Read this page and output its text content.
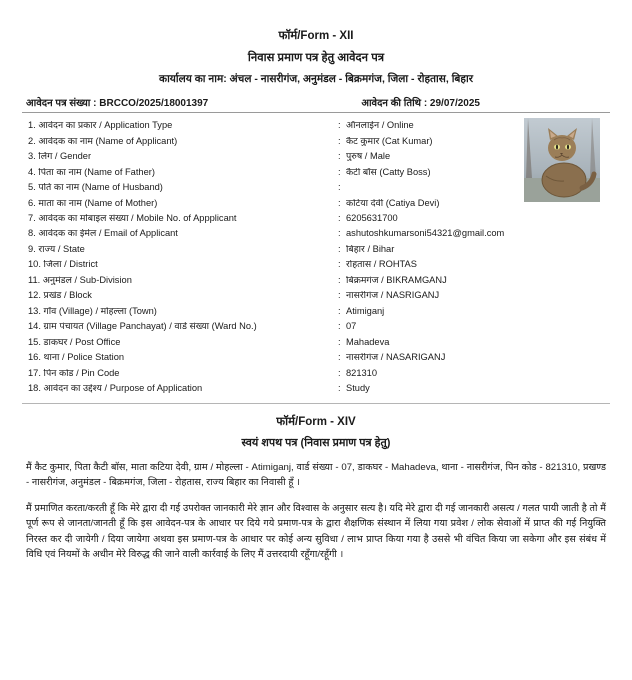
फॉर्म/Form - XII
निवास प्रमाण पत्र हेतु आवेदन पत्र
कार्यालय का नाम: अंचल - नासरीगंज, अनुमंडल - बिक्रमगंज, जिला - रोहतास, बिहार
आवेदन पत्र संख्या : BRCCO/2025/18001397	आवेदन की तिथि : 29/07/2025
1. आवेदन का प्रकार / Application Type	: ऑनलाईन / Online
2. आवेदक का नाम (Name of Applicant)	: कैट कुमार (Cat Kumar)
3. लिंग / Gender	: पुरुष / Male
4. पिता का नाम (Name of Father)	: कैटी बॉस (Catty Boss)
5. पति का नाम (Name of Husband)	:
6. माता का नाम (Name of Mother)	: कटिया देवी (Catiya Devi)
7. आवेदक का मोबाइल संख्या / Mobile No. of Appplicant	: 6205631700
8. आवेदक का ईमेल / Email of Applicant	: ashutoshkumarsoni54321@gmail.com
9. राज्य / State	: बिहार / Bihar
10. जिला / District	: रोहतास / ROHTAS
11. अनुमंडल / Sub-Division	: बिक्रमगंज / BIKRAMGANJ
12. प्रखंड / Block	: नासरीगंज / NASRIGANJ
13. गाँव (Village) / मोहल्ला (Town)	: Atimiganj
14. ग्राम पंचायत (Village Panchayat) / वार्ड संख्या (Ward No.)	: 07
15. डाकघर / Post Office	: Mahadeva
16. थाना / Police Station	: नासरीगंज / NASARIGANJ
17. पिन कोड / Pin Code	: 821310
18. आवेदन का उद्देश्य / Purpose of Application	: Study
फॉर्म/Form - XIV
स्वयं शपथ पत्र (निवास प्रमाण पत्र हेतु)
मैं कैट कुमार, पिता कैटी बॉस, माता कटिया देवी, ग्राम / मोहल्ला - Atimiganj, वार्ड संख्या - 07, डाकघर - Mahadeva, थाना - नासरीगंज, पिन कोड - 821310, प्रखण्ड - नासरीगंज, अनुमंडल - बिक्रमगंज, जिला - रोहतास, राज्य बिहार का निवासी हूँ ।
मैं प्रमाणित करता/करती हूँ कि मेरे द्वारा दी गई उपरोक्त जानकारी मेरे ज्ञान और विश्वास के अनुसार सत्य है। यदि मेरे द्वारा दी गई जानकारी असत्य / गलत पायी जाती है तो मैं पूर्ण रूप से जानता/जानती हूँ कि इस आवेदन-पत्र के आधार पर दिये गये प्रमाण-पत्र के द्वारा शैक्षणिक संस्थान में लिया गया प्रवेश / लोक सेवाओं में प्राप्त की गई नियुक्ति निरस्त कर दी जायेगी / दिया जायेगा अथवा इस प्रमाण-पत्र के आधार पर कोई अन्य सुविधा / लाभ प्राप्त किया गया है उससे भी वंचित किया जा सकेगा और इस संबंध में विधि एवं नियमों के अधीन मेरे विरुद्ध की जाने वाली कार्रवाई के लिए मैं उत्तरदायी रहूँगा/रहूँगी ।
